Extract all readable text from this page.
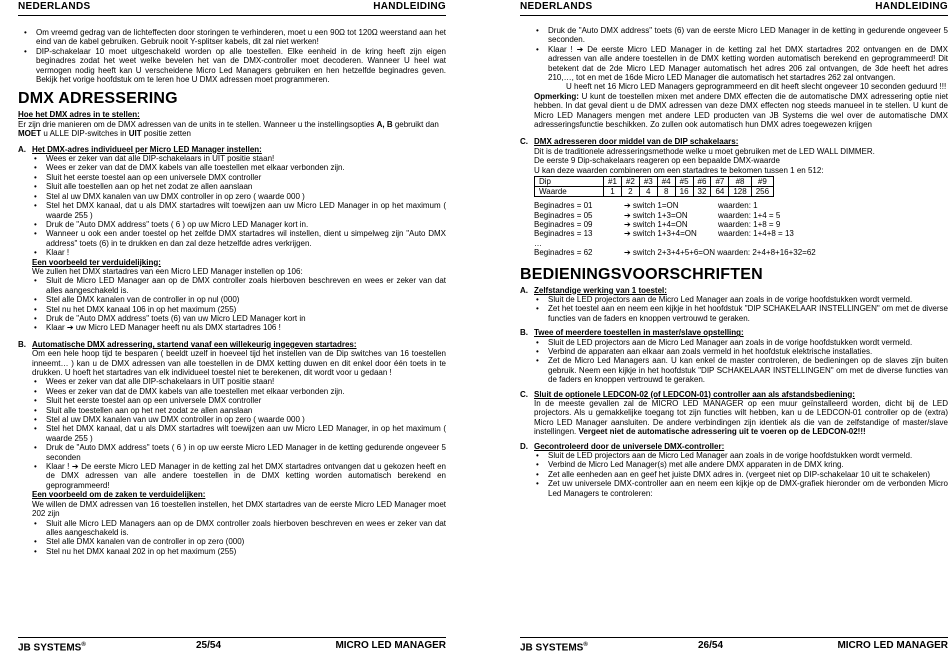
NEDERLANDS	HANDLEIDING
• Om vreemd gedrag van de lichteffecten door storingen te verhinderen, moet u een 90Ω tot 120Ω weerstand aan het eind van de kabel gebruiken. Gebruik nooit Y-splitser kabels, dit zal niet werken!
• DIP-schakelaar 10 moet uitgeschakeld worden op alle toestellen. Elke eenheid in de kring heeft zijn eigen beginadres zodat het weet welke bevelen het van de DMX-controller moet decoderen. Wanneer U heel wat vermogen nodig heeft kan U verscheidene Micro Led Managers gebruiken en hen hetzelfde beginadres geven. Bekijk het vorige hoofdstuk om te leren hoe U DMX adressen moet programmeren.
DMX ADRESSERING

Hoe het DMX adres in te stellen:

Er zijn drie manieren om de DMX adressen van de units in te stellen. Wanneer u the instellingsopties A, B gebruikt dan MOET u ALLE DIP-switches in UIT positie zetten

A. Het DMX-adres individueel per Micro LED Manager instellen:
• Wees er zeker van dat alle DIP-schakelaars in UIT positie staan!
• Wees er zeker van dat de DMX kabels van alle toestellen met elkaar verbonden zijn.
• Sluit het eerste toestel aan op een universele DMX controller
• Sluit alle toestellen aan op het net zodat ze allen aanslaan
• Stel al uw DMX kanalen van uw DMX controller in op zero ( waarde 000 )
• Stel het DMX kanaal, dat u als DMX startadres wilt toewijzen aan uw Micro LED Manager in op het maximum ( waarde 255 )
• Druk de "Auto DMX address" toets ( 6 ) op uw Micro LED Manager kort in.
• Wanneer u ook een ander toestel op het zelfde DMX startadres wil instellen, dient u simpelweg zijn "Auto DMX address" toets (6) in te drukken en dan zal deze hetzelfde adres verkrijgen.
• Klaar !

Een voorbeeld ter verduidelijking:

We zullen het DMX startadres van een Micro LED Manager instellen op 106:

• Sluit de Micro LED Manager aan op de DMX controller zoals hierboven beschreven en wees er zeker van dat alles aangeschakeld is.
• Stel alle DMX kanalen van de controller in op nul (000)
• Stel nu het DMX kanaal 106 in op het maximum (255)
• Druk de "Auto DMX address" toets (6) van uw Micro LED Manager kort in
• Klaar ➔ uw Micro LED Manager heeft nu als DMX startadres 106 !
B. Automatische DMX adressering, startend vanaf een willekeurig ingegeven startadres:

Om een hele hoop tijd te besparen ( beeldt uzelf in hoeveel tijd het instellen van de Dip switches van 16 toestellen inneemt… ) kan u de DMX adressen van alle toestellen in de DMX ketting duwen en dit enkel door één toets in te drukken. U hoeft het startadres van elk individueel toestel niet te berekenen, dit wordt voor u gedaan !

• Wees er zeker van dat alle DIP-schakelaars in UIT positie staan!
• Wees er zeker van dat de DMX kabels van alle toestellen met elkaar verbonden zijn.
• Sluit het eerste toestel aan op een universele DMX controller
• Sluit alle toestellen aan op het net zodat ze allen aanslaan
• Stel al uw DMX kanalen van uw DMX controller in op zero ( waarde 000 )
• Stel het DMX kanaal, dat u als DMX startadres wilt toewijzen aan uw Micro LED Manager, in op het maximum ( waarde 255 )
• Druk de "Auto DMX address" toets ( 6 ) in op uw eerste Micro LED Manager in de ketting gedurende ongeveer 5 seconden
• Klaar ! ➔ De eerste Micro LED Manager in de ketting zal het DMX startadres ontvangen dat u gekozen heeft en de DMX adressen van alle andere toestellen in de DMX ketting worden automatisch berekend en geprogrammeerd!

Een voorbeeld om de zaken te verduidelijken:

We willen de DMX adressen van 16 toestellen instellen, het DMX startadres van de eerste Micro LED Manager moet 202 zijn

• Sluit alle Micro LED Managers aan op de DMX controller zoals hierboven beschreven en wees er zeker van dat alles aangeschakeld is.
• Stel alle DMX kanalen van de controller in op zero (000)
• Stel nu het DMX kanaal 202 in op het maximum (255)
JB SYSTEMS®	25/54	MICRO LED MANAGER
NEDERLANDS	HANDLEIDING
• Druk de "Auto DMX address" toets (6) van de eerste Micro LED Manager in de ketting in gedurende ongeveer 5 seconden.
• Klaar ! ➔ De eerste Micro LED Manager in de ketting zal het DMX startadres 202 ontvangen en de DMX adressen van alle andere toestellen in de DMX ketting worden automatisch berekend en geprogrammeerd! Dit betekent dat de 2de Micro LED Manager automatisch het adres 206 zal ontvangen, de 3de heeft het adres 210,…, tot en met de 16de Micro LED Manager die automatisch het startadres 262 zal ontvangen.

U heeft net 16 Micro LED Managers geprogrammeerd en dit heeft slecht ongeveer 10 seconden geduurd !!!

Opmerking: U kunt de toestellen mixen met andere DMX effecten die de automatische DMX adressering optie niet hebben. In dat geval dient u de DMX adressen van deze DMX effecten nog steeds manueel in te stellen. U kunt de Micro LED Managers mengen met andere LED producten van JB Systems die wel over de automatische DMX adresseringsfunctie beschikken. Zo zullen ook automatisch hun DMX adres toegewezen krijgen

C. DMX adresseren door middel van de DIP schakelaars:

Dit is de traditionele adresseringsmethode welke u moet gebruiken met de LED WALL DIMMER.

De eerste 9 Dip-schakelaars reageren op een bepaalde DMX-waarde

U kan deze waarden combineren om een startadres te bekomen tussen 1 en 512:

Dip	#1	#2	#3	#4	#5	#6	#7	#8	#9
Waarde	1	2	4	8	16	32	64	128	256
Beginadres = 01	➔ switch 1=ON	waarden: 1
Beginadres = 05	➔ switch 1+3=ON	waarden: 1+4 = 5
Beginadres = 09	➔ switch 1+4=ON	waarden: 1+8 = 9
Beginadres = 13	➔ switch 1+3+4=ON	waarden: 1+4+8 = 13

…

Beginadres = 62	➔ switch 2+3+4+5+6=ON waarden: 2+4+8+16+32=62
BEDIENINGSVOORSCHRIFTEN
A. Zelfstandige werking van 1 toestel:
• Sluit de LED projectors aan de Micro Led Manager aan zoals in de vorige hoofdstukken wordt vermeld.
• Zet het toestel aan en neem een kijkje in het hoofdstuk "DIP SCHAKELAAR INSTELLINGEN" om met de diverse functies van de faders en knoppen vertrouwd te geraken.
B. Twee of meerdere toestellen in master/slave opstelling:
• Sluit de LED projectors aan de Micro Led Manager aan zoals in de vorige hoofdstukken wordt vermeld.
• Verbind de apparaten aan elkaar aan zoals vermeld in het hoofdstuk elektrische installaties.
• Zet de Micro Led Managers aan. U kan enkel de master controleren, de bedieningen op de slaves zijn buiten gebruik. Neem een kijkje in het hoofdstuk "DIP SCHAKELAAR INSTELLINGEN" om met de diverse functies van de faders en knoppen vertrouwd te geraken.
C. Sluit de optionele LEDCON-02 (of LEDCON-01) controller aan als afstandsbediening:

In de meeste gevallen zal de MICRO LED MANAGER op een muur geïnstalleerd worden, dicht bij de LED projectors. Als u gemakkelijke toegang tot zijn functies wilt hebben, kan u de LEDCON-01 controller op de (extra) Micro LED Manager aansluiten. De andere verbindingen zijn identiek als die van de zelfstandige of master/slave instellingen. Vergeet niet de automatische adressering uit te voeren op de LEDCON-02!!!

D. Gecontroleerd door de universele DMX-controller:
• Sluit de LED projectors aan de Micro Led Manager aan zoals in de vorige hoofdstukken wordt vermeld.
• Verbind de Micro Led Manager(s) met alle andere DMX apparaten in de DMX kring.
• Zet alle eenheden aan en geef het juiste DMX adres in. (vergeet niet op DIP-schakelaar 10 uit te schakelen)
• Zet uw universele DMX-controller aan en neem een kijkje op de DMX-grafiek hieronder om de verbonden Micro Led Managers te controleren:
JB SYSTEMS®	26/54	MICRO LED MANAGER
